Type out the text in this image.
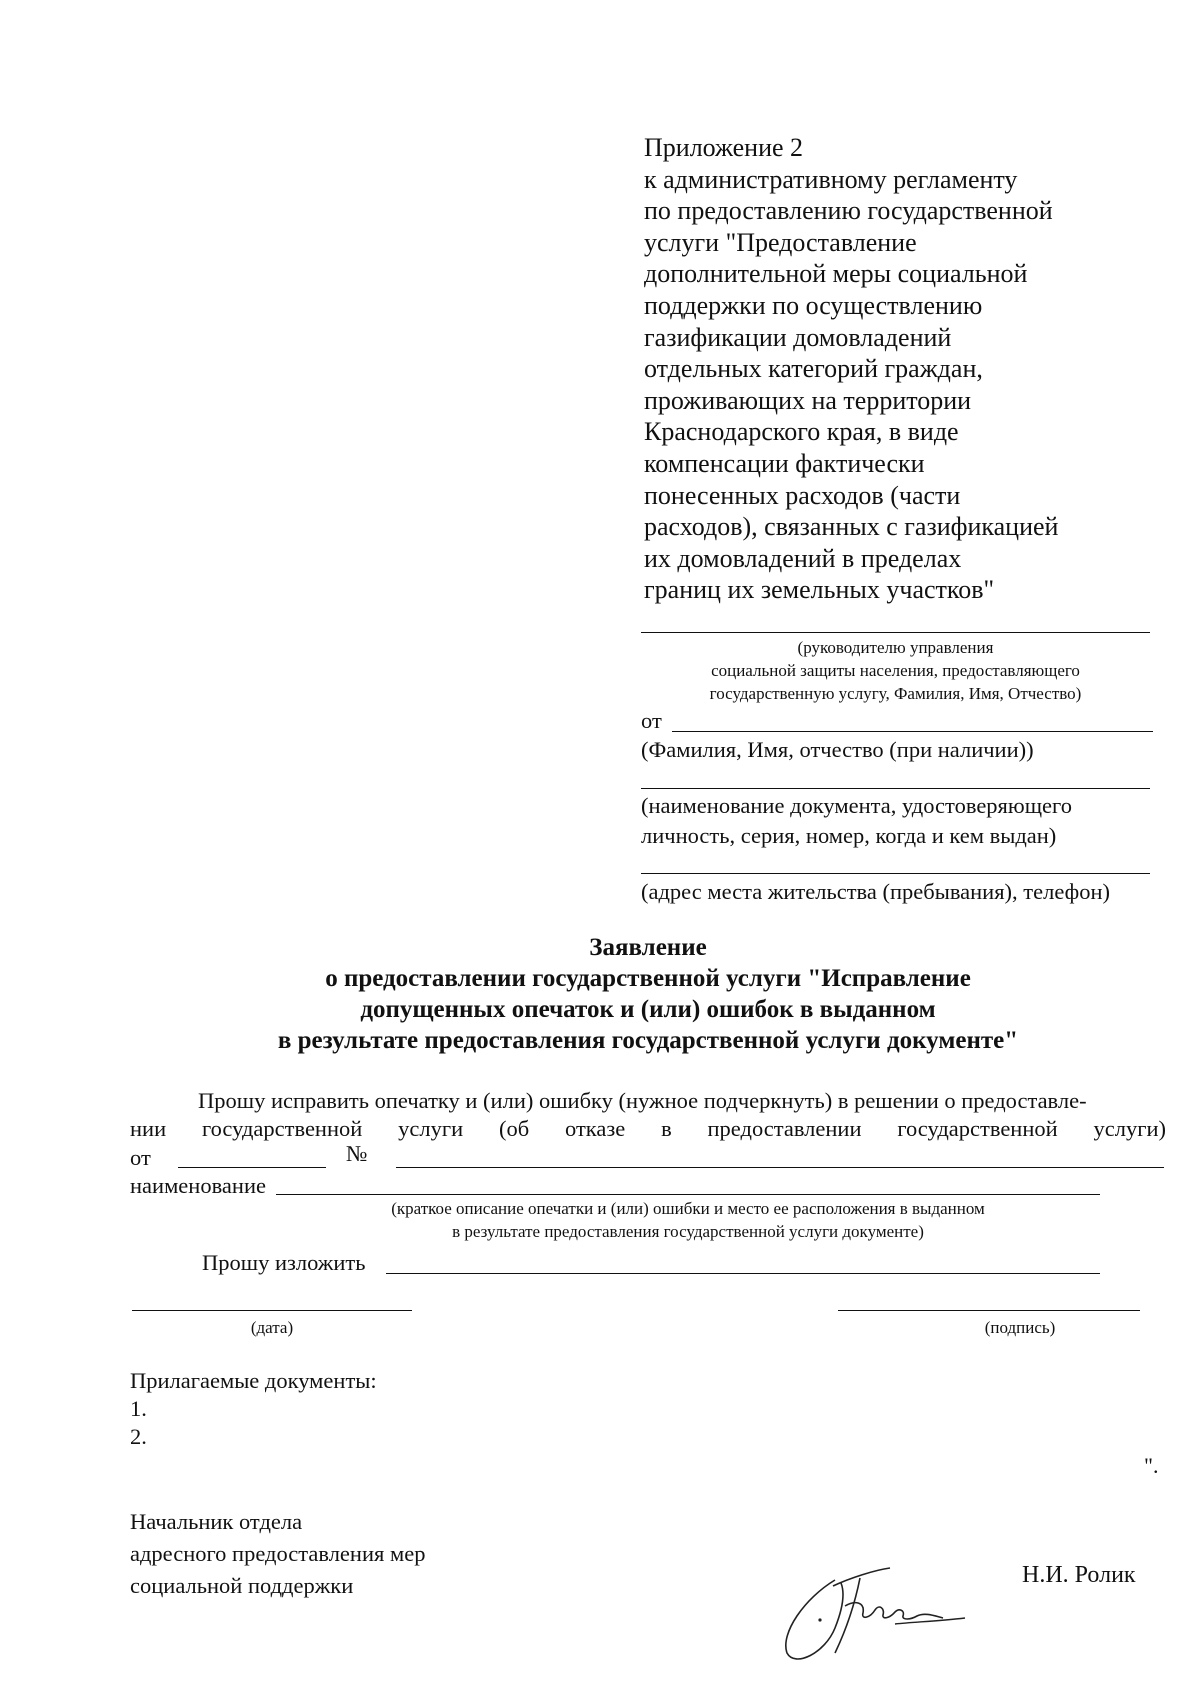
Приложение 2
к административному регламенту
по предоставлению государственной
услуги "Предоставление
дополнительной меры социальной
поддержки по осуществлению
газификации домовладений
отдельных категорий граждан,
проживающих на территории
Краснодарского края, в виде
компенсации фактически
понесенных расходов (части
расходов), связанных с газификацией
их домовладений в пределах
границ их земельных участков"
(руководителю управления
социальной защиты населения, предоставляющего
государственную услугу, Фамилия, Имя, Отчество)
от
(Фамилия, Имя, отчество (при наличии))
(наименование документа, удостоверяющего
личность, серия, номер, когда и кем выдан)
(адрес места жительства (пребывания), телефон)
Заявление
о предоставлении государственной услуги "Исправление
допущенных опечаток и (или) ошибок в выданном
в результате предоставления государственной услуги документе"
Прошу исправить опечатку и (или) ошибку (нужное подчеркнуть) в решении о предоставле-
нии государственной услуги (об отказе в предоставлении государственной услуги)
от	№
наименование
(краткое описание опечатки и (или) ошибки и место ее расположения в выданном
в результате предоставления государственной услуги документе)
Прошу изложить
(дата)	(подпись)
Прилагаемые документы:
1.
2.
".
Начальник отдела
адресного предоставления мер
социальной поддержки	Н.И. Ролик
